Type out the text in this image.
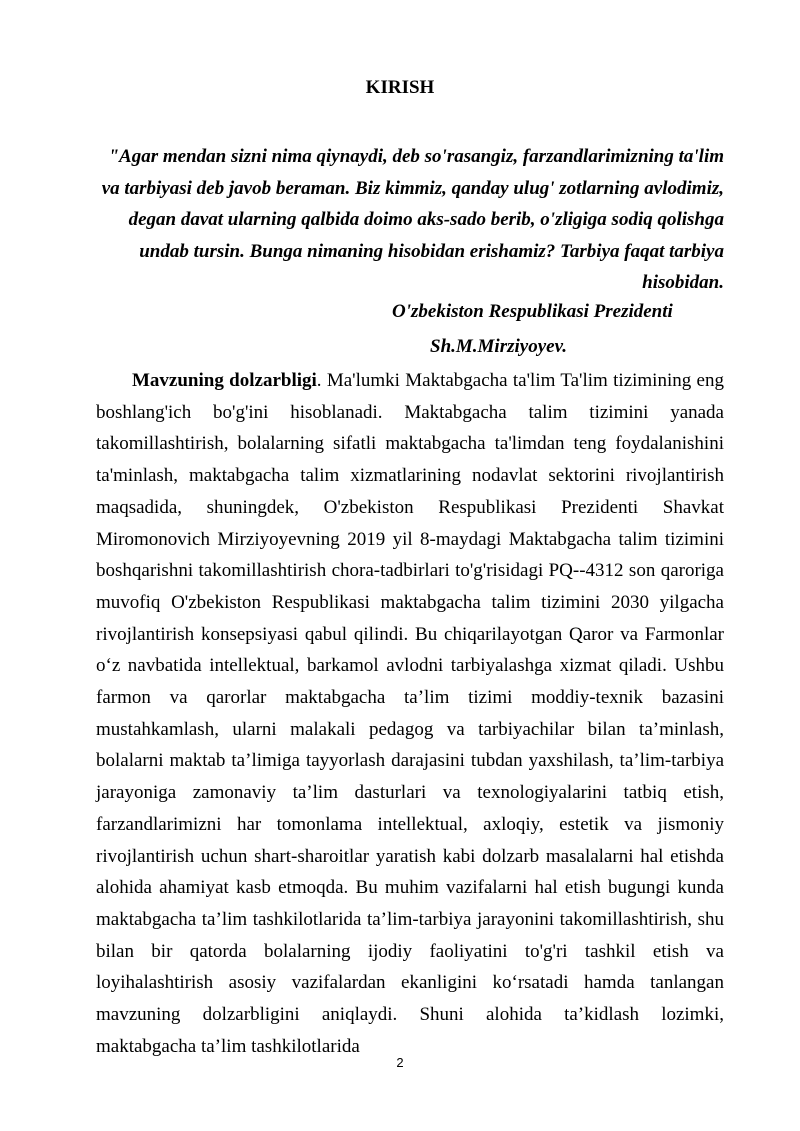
KIRISH
"Agar mendan sizni nima qiynaydi, deb so'rasangiz, farzandlarimizning ta'lim va tarbiyasi deb javob beraman. Biz kimmiz, qanday ulug' zotlarning avlodimiz, degan davat ularning qalbida doimo aks-sado berib, o'zligiga sodiq qolishga undab tursin. Bunga nimaning hisobidan erishamiz? Tarbiya faqat tarbiya hisobidan.
O'zbekiston Respublikasi Prezidenti
Sh.M.Mirziyoyev.

Mavzuning dolzarbligi. Ma'lumki Maktabgacha ta'lim Ta'lim tizimining eng boshlang'ich bo'g'ini hisoblanadi. Maktabgacha talim tizimini yanada takomillashtirish, bolalarning sifatli maktabgacha ta'limdan teng foydalanishini ta'minlash, maktabgacha talim xizmatlarining nodavlat sektorini rivojlantirish maqsadida, shuningdek, O'zbekiston Respublikasi Prezidenti Shavkat Miromonovich Mirziyoyevning 2019 yil 8-maydagi Maktabgacha talim tizimini boshqarishni takomillashtirish chora-tadbirlari to'g'risidagi PQ--4312 son qaroriga muvofiq O'zbekiston Respublikasi maktabgacha talim tizimini 2030 yilgacha rivojlantirish konsepsiyasi qabul qilindi. Bu chiqarilayotgan Qaror va Farmonlar o‘z navbatida intellektual, barkamol avlodni tarbiyalashga xizmat qiladi. Ushbu farmon va qarorlar maktabgacha ta’lim tizimi moddiy-texnik bazasini mustahkamlash, ularni malakali pedagog va tarbiyachilar bilan ta’minlash, bolalarni maktab ta’limiga tayyorlash darajasini tubdan yaxshilash, ta’lim-tarbiya jarayoniga zamonaviy ta’lim dasturlari va texnologiyalarini tatbiq etish, farzandlarimizni har tomonlama intellektual, axloqiy, estetik va jismoniy rivojlantirish uchun shart-sharoitlar yaratish kabi dolzarb masalalarni hal etishda alohida ahamiyat kasb etmoqda. Bu muhim vazifalarni hal etish bugungi kunda maktabgacha ta’lim tashkilotlarida ta’lim-tarbiya jarayonini takomillashtirish, shu bilan bir qatorda bolalarning ijodiy faoliyatini to'g'ri tashkil etish va loyihalashtirish asosiy vazifalardan ekanligini ko‘rsatadi hamda tanlangan mavzuning dolzarbligini aniqlaydi. Shuni alohida ta’kidlash lozimki, maktabgacha ta’lim tashkilotlarida

2
